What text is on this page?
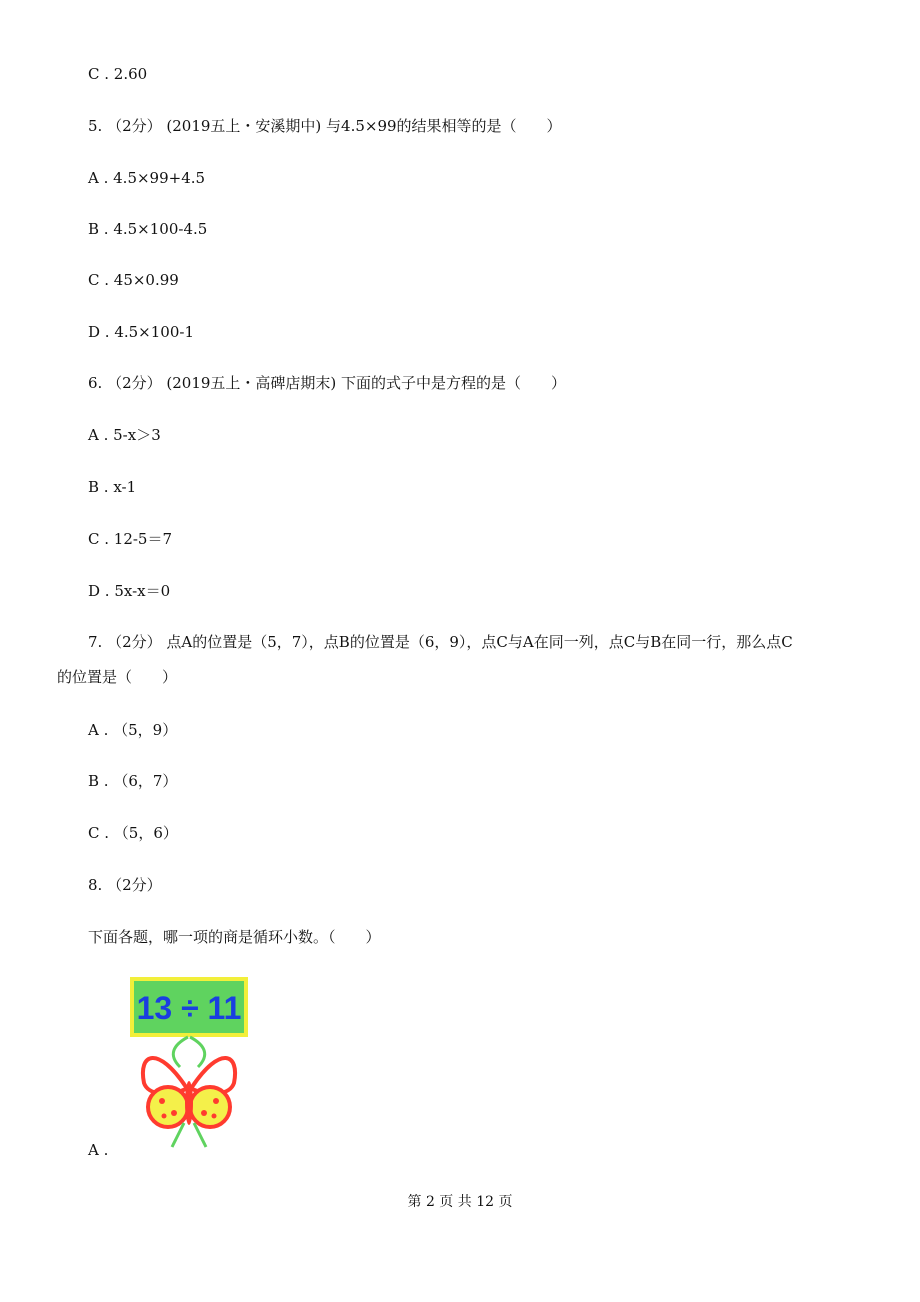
C . 2.60
5. （2分） (2019五上・安溪期中) 与4.5×99的结果相等的是（　　）
A . 4.5×99+4.5
B . 4.5×100-4.5
C . 45×0.99
D . 4.5×100-1
6. （2分） (2019五上・高碑店期末) 下面的式子中是方程的是（　　）
A . 5-x＞3
B . x-1
C . 12-5＝7
D . 5x-x＝0
7. （2分） 点A的位置是（5，7），点B的位置是（6，9），点C与A在同一列，点C与B在同一行，那么点C
的位置是（　　）
A . （5，9）
B . （6，7）
C . （5，6）
8. （2分）
下面各题，哪一项的商是循环小数。（　　）
13 ÷ 11
A .
第 2 页 共 12 页
